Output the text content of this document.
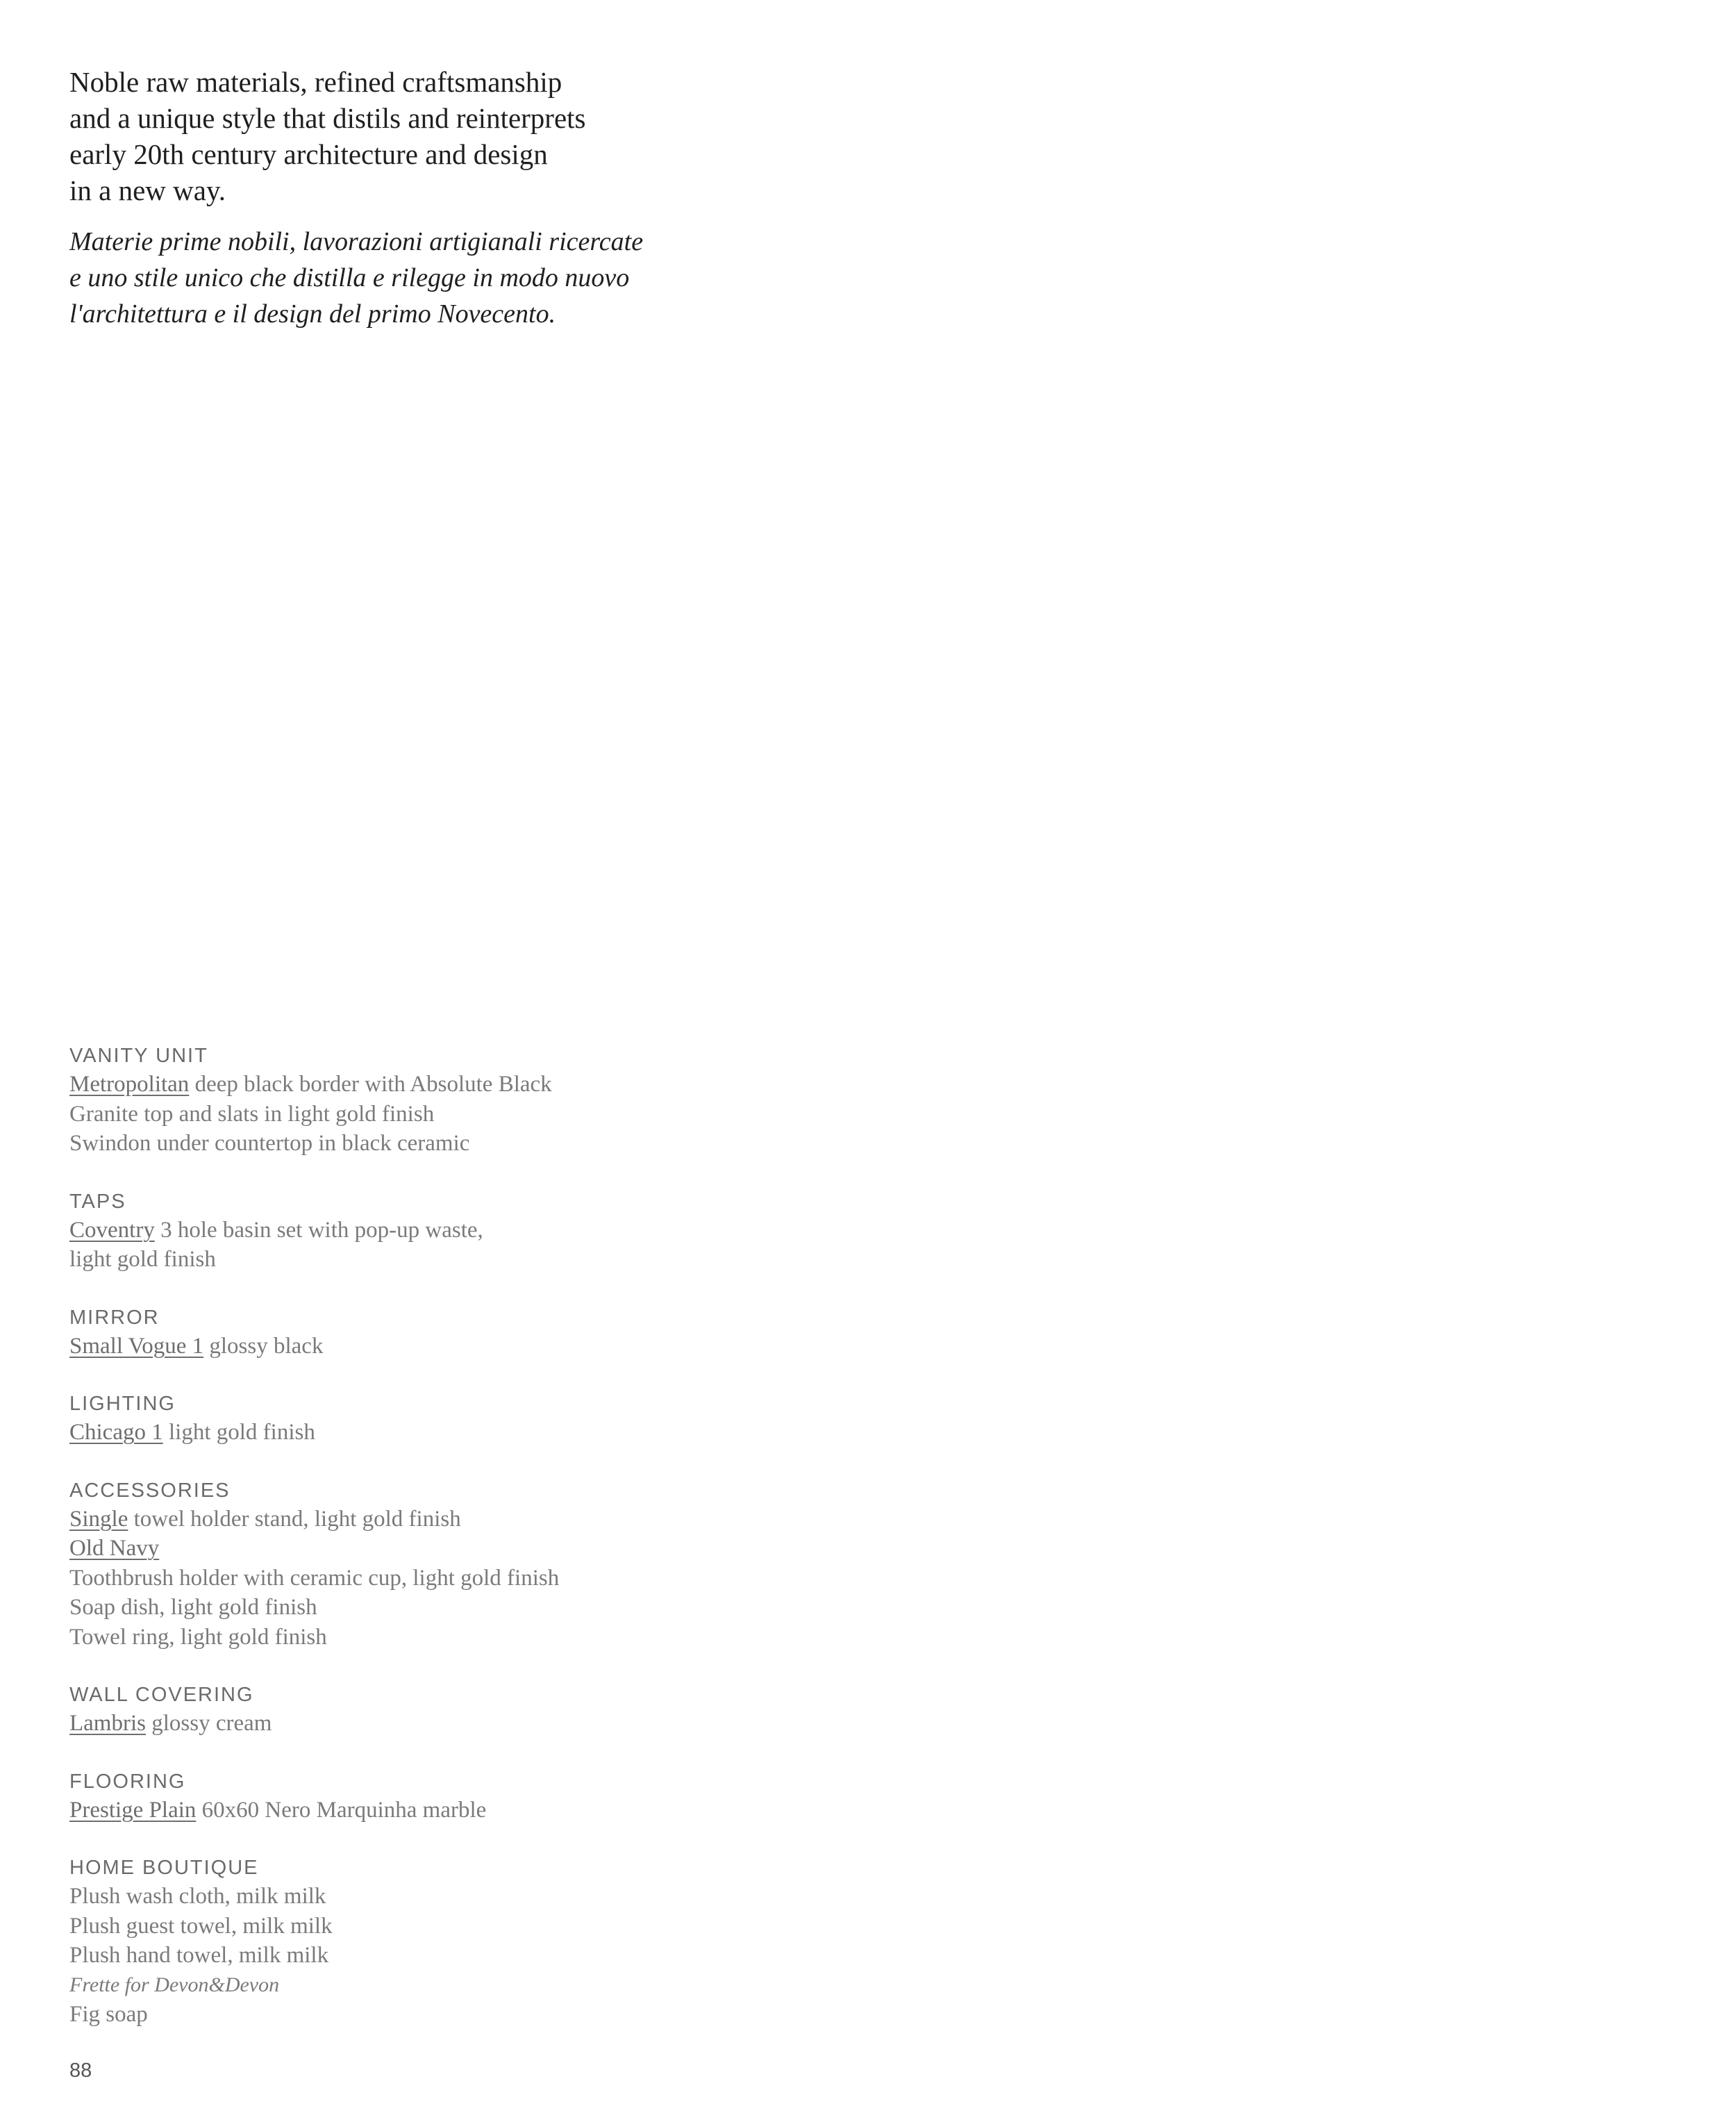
Noble raw materials, refined craftsmanship
and a unique style that distils and reinterprets
early 20th century architecture and design
in a new way.
Materie prime nobili, lavorazioni artigianali ricercate
e uno stile unico che distilla e rilegge in modo nuovo
l'architettura e il design del primo Novecento.
VANITY UNIT
Metropolitan deep black border with Absolute Black
Granite top and slats in light gold finish
Swindon under countertop in black ceramic
TAPS
Coventry 3 hole basin set with pop-up waste,
light gold finish
MIRROR
Small Vogue 1 glossy black
LIGHTING
Chicago 1 light gold finish
ACCESSORIES
Single towel holder stand, light gold finish
Old Navy
Toothbrush holder with ceramic cup, light gold finish
Soap dish, light gold finish
Towel ring, light gold finish
WALL COVERING
Lambris glossy cream
FLOORING
Prestige Plain 60x60 Nero Marquinha marble
HOME BOUTIQUE
Plush wash cloth, milk milk
Plush guest towel, milk milk
Plush hand towel, milk milk
Frette for Devon&Devon
Fig soap
88
